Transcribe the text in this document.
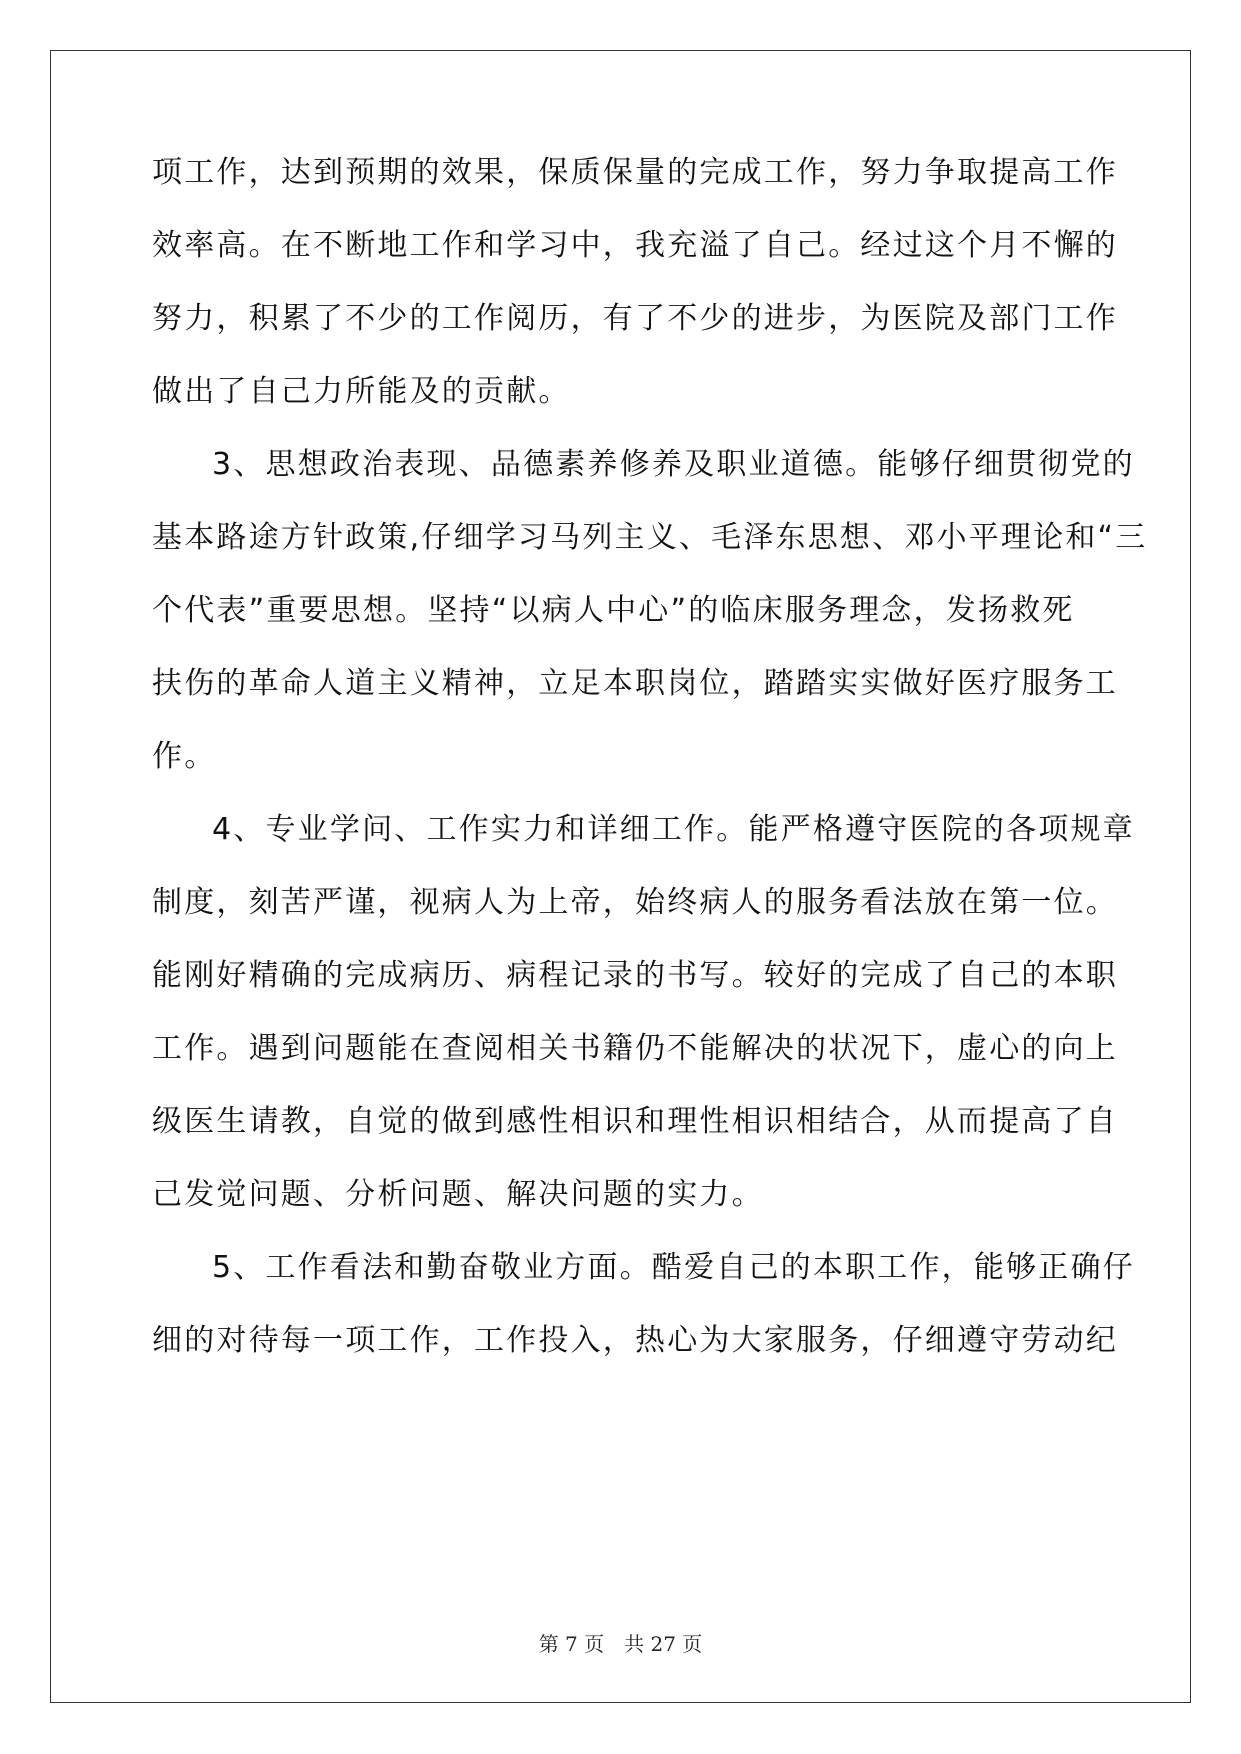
项工作，达到预期的效果，保质保量的完成工作，努力争取提高工作
效率高。在不断地工作和学习中，我充溢了自己。经过这个月不懈的
努力，积累了不少的工作阅历，有了不少的进步，为医院及部门工作
做出了自己力所能及的贡献。
3、思想政治表现、品德素养修养及职业道德。能够仔细贯彻党的
基本路途方针政策,仔细学习马列主义、毛泽东思想、邓小平理论和“三
个代表”重要思想。坚持“以病人中心”的临床服务理念，发扬救死
扶伤的革命人道主义精神，立足本职岗位，踏踏实实做好医疗服务工
作。
4、专业学问、工作实力和详细工作。能严格遵守医院的各项规章
制度，刻苦严谨，视病人为上帝，始终病人的服务看法放在第一位。
能刚好精确的完成病历、病程记录的书写。较好的完成了自己的本职
工作。遇到问题能在查阅相关书籍仍不能解决的状况下，虚心的向上
级医生请教，自觉的做到感性相识和理性相识相结合，从而提高了自
己发觉问题、分析问题、解决问题的实力。
5、工作看法和勤奋敬业方面。酷爱自己的本职工作，能够正确仔
细的对待每一项工作，工作投入，热心为大家服务，仔细遵守劳动纪
第 7 页　共 27 页
